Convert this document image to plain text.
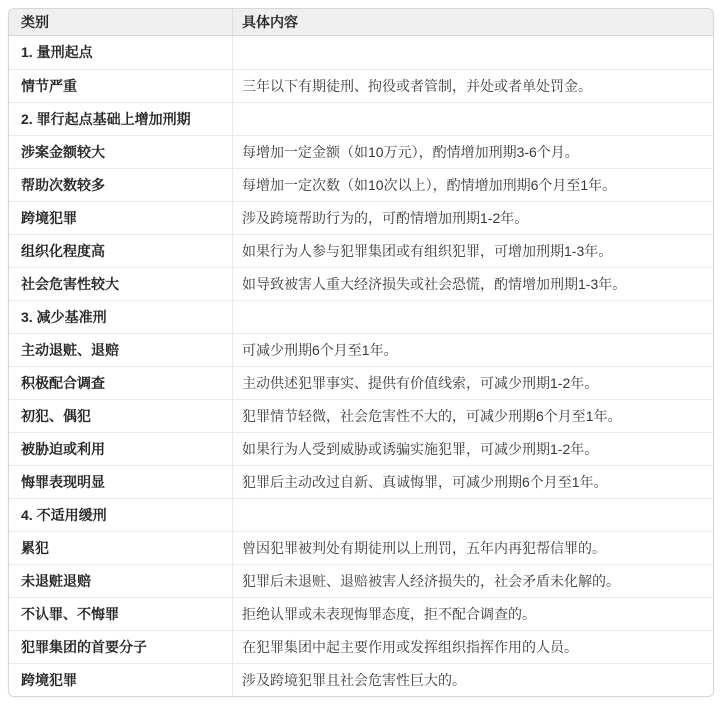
类别	具体内容
1. 量刑起点
情节严重	三年以下有期徒刑、拘役或者管制，并处或者单处罚金。
2. 罪行起点基础上增加刑期
涉案金额较大	每增加一定金额（如10万元），酌情增加刑期3-6个月。
帮助次数较多	每增加一定次数（如10次以上），酌情增加刑期6个月至1年。
跨境犯罪	涉及跨境帮助行为的，可酌情增加刑期1-2年。
组织化程度高	如果行为人参与犯罪集团或有组织犯罪，可增加刑期1-3年。
社会危害性较大	如导致被害人重大经济损失或社会恐慌，酌情增加刑期1-3年。
3. 减少基准刑
主动退赃、退赔	可减少刑期6个月至1年。
积极配合调查	主动供述犯罪事实、提供有价值线索，可减少刑期1-2年。
初犯、偶犯	犯罪情节轻微，社会危害性不大的，可减少刑期6个月至1年。
被胁迫或利用	如果行为人受到威胁或诱骗实施犯罪，可减少刑期1-2年。
悔罪表现明显	犯罪后主动改过自新、真诚悔罪，可减少刑期6个月至1年。
4. 不适用缓刑
累犯	曾因犯罪被判处有期徒刑以上刑罚，五年内再犯帮信罪的。
未退赃退赔	犯罪后未退赃、退赔被害人经济损失的，社会矛盾未化解的。
不认罪、不悔罪	拒绝认罪或未表现悔罪态度，拒不配合调查的。
犯罪集团的首要分子	在犯罪集团中起主要作用或发挥组织指挥作用的人员。
跨境犯罪	涉及跨境犯罪且社会危害性巨大的。
